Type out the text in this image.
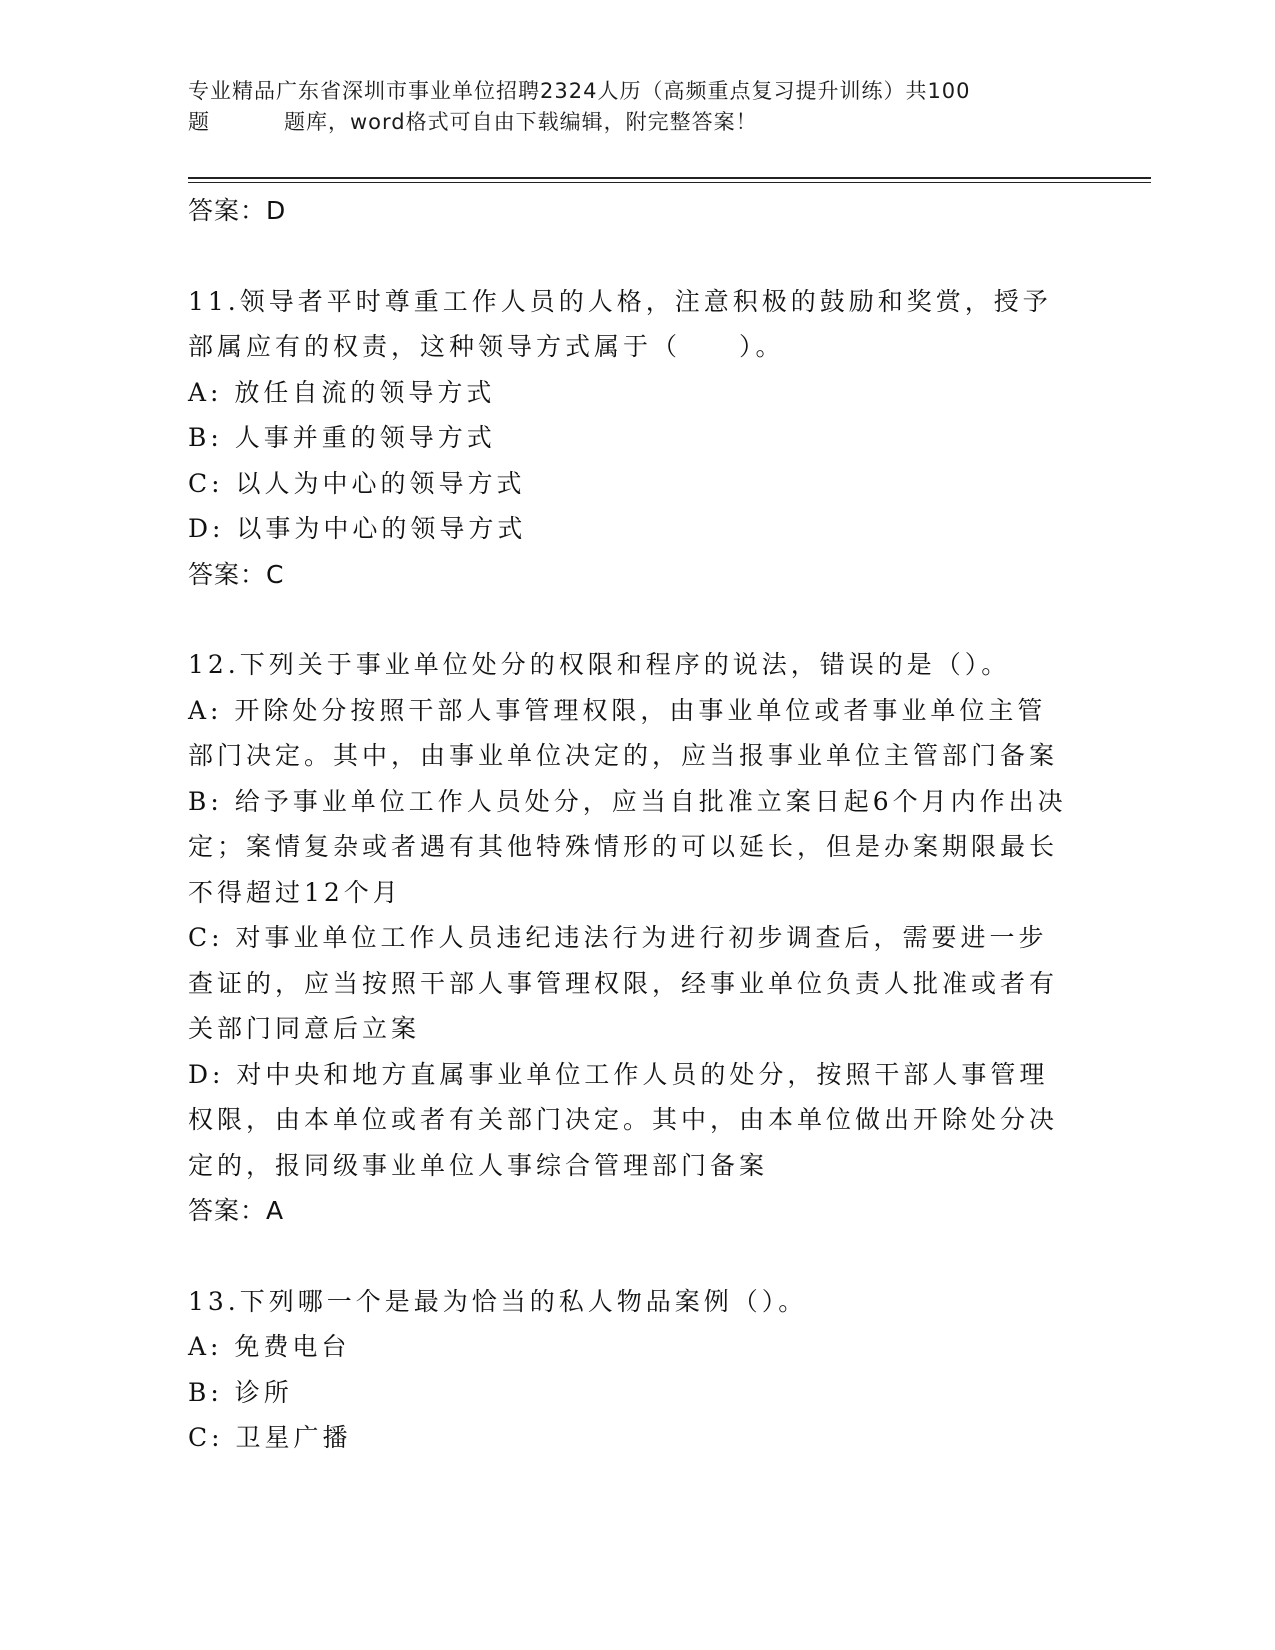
专业精品广东省深圳市事业单位招聘2324人历（高频重点复习提升训练）共100
题	题库，word格式可自由下载编辑，附完整答案！
答案：D

11.领导者平时尊重工作人员的人格，注意积极的鼓励和奖赏，授予部属应有的权责，这种领导方式属于（　　）。

A: 放任自流的领导方式

B: 人事并重的领导方式

C: 以人为中心的领导方式

D: 以事为中心的领导方式

答案：C

12.下列关于事业单位处分的权限和程序的说法，错误的是（）。

A: 开除处分按照干部人事管理权限，由事业单位或者事业单位主管部门决定。其中，由事业单位决定的，应当报事业单位主管部门备案

B: 给予事业单位工作人员处分，应当自批准立案日起6个月内作出决定；案情复杂或者遇有其他特殊情形的可以延长，但是办案期限最长不得超过12个月

C: 对事业单位工作人员违纪违法行为进行初步调查后，需要进一步查证的，应当按照干部人事管理权限，经事业单位负责人批准或者有关部门同意后立案

D: 对中央和地方直属事业单位工作人员的处分，按照干部人事管理权限，由本单位或者有关部门决定。其中，由本单位做出开除处分决定的，报同级事业单位人事综合管理部门备案

答案：A

13.下列哪一个是最为恰当的私人物品案例（）。

A: 免费电台

B: 诊所

C: 卫星广播
